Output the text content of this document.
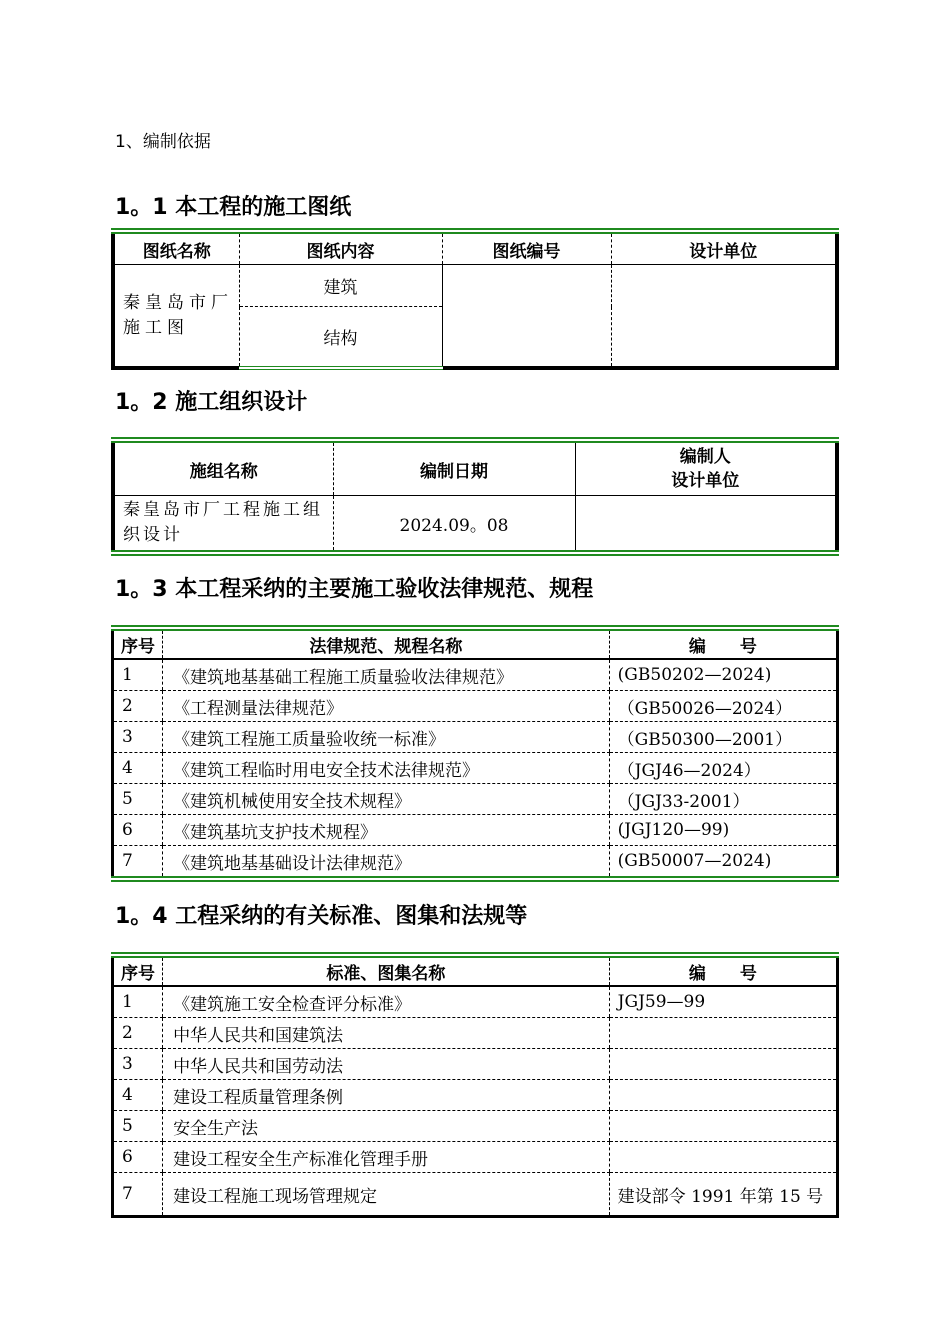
1、编制依据
1。1 本工程的施工图纸
图纸名称	图纸内容	图纸编号	设计单位
秦皇岛市厂施工图	建筑		
	结构		
1。2 施工组织设计
施组名称	编制日期	编制人
设计单位

秦皇岛市厂工程施工组织设计	2024.09。08	
1。3 本工程采纳的主要施工验收法律规范、规程
序号	法律规范、规程名称	编　　号
1	《建筑地基基础工程施工质量验收法律规范》	(GB50202—2024)
2	《工程测量法律规范》	（GB50026—2024）
3	《建筑工程施工质量验收统一标准》	（GB50300—2001）
4	《建筑工程临时用电安全技术法律规范》	（JGJ46—2024）
5	《建筑机械使用安全技术规程》	（JGJ33-2001）
6	《建筑基坑支护技术规程》	(JGJ120—99)
7	《建筑地基基础设计法律规范》	(GB50007—2024)
1。4 工程采纳的有关标准、图集和法规等
序号	标准、图集名称	编　　号
1	《建筑施工安全检查评分标准》	JGJ59—99
2	中华人民共和国建筑法	
3	中华人民共和国劳动法	
4	建设工程质量管理条例	
5	安全生产法	
6	建设工程安全生产标准化管理手册	
7	建设工程施工现场管理规定	建设部令 1991 年第 15 号
